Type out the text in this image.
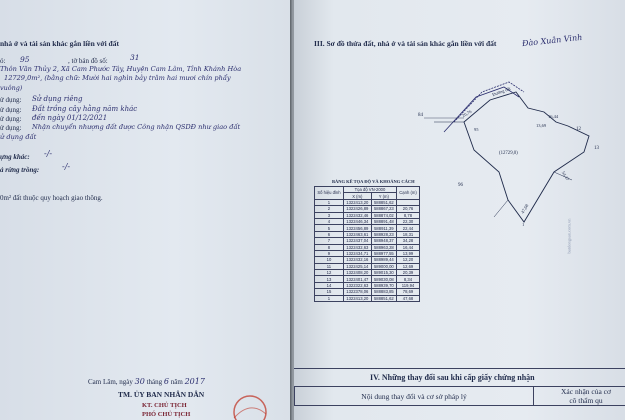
nhà ở và tài sản khác gắn liền với đất
ó: 95	, tờ bản đồ số:	31
Thôn Văn Thủy 2, Xã Cam Phước Tây, Huyện Cam Lâm, Tỉnh Khánh Hòa
12729,0m², (bằng chữ: Mười hai nghìn bảy trăm hai mươi chín phẩy
vuông)
ử dụng: Sử dụng riêng
ử dụng: Đất trồng cây hằng năm khác
ử dụng: đến ngày 01/12/2021
ử dụng: Nhận chuyển nhượng đất được Công nhận QSDĐ như giao đất
ử dụng đất
ựng khác: -/-
ả rừng trồng:	-/-
0m² đất thuộc quy hoạch giao thông.
Cam Lâm, ngày 30 tháng 6 năm 2017
TM. ỦY BAN NHÂN DÂN
KT. CHỦ TỊCH
PHÓ CHỦ TỊCH
III. Sơ đồ thửa đất, nhà ở và tài sản khác gắn liền với đất	Đào Xuân Vinh
84	20,76
Đường đất
95
16,44
13,69
13
12
(12729,0)
54,47
96
47,68
1
BẢNG KÊ TỌA ĐỘ VÀ KHOẢNG CÁCH
Số hiệu đỉnh	Tọa độ VN-2000		Cạnh (m)
	X (m)	Y (m)	
1	1322413,20	588851,62	
2	1322426,89	588867,23	20,76
3	1322432,46	588874,02	8,78
4	1322446,34	588891,48	22,30
5	1322456,89	588911,39	22,44
6	1322463,61	588928,23	18,31
7	1322437,04	588948,37	34,28
8	1322432,63	588963,28	16,44
9	1322434,71	588977,55	13,99
10	1322432,16	588989,44	12,20
11	1322425,14	589000,00	12,69
12	1322408,20	589015,30	20,39
13	1322401,47	589030,08	8,34
14	1322322,63	588939,70	119,94
15	1322378,06	588883,85	78,69
1	1322413,20	588851,62	47,68
batdongsan.com.vn
IV. Những thay đổi sau khi cấp giấy chứng nhận
Nội dung thay đổi và cơ sở pháp lý	Xác nhận của cơ
cô thẩm qu
